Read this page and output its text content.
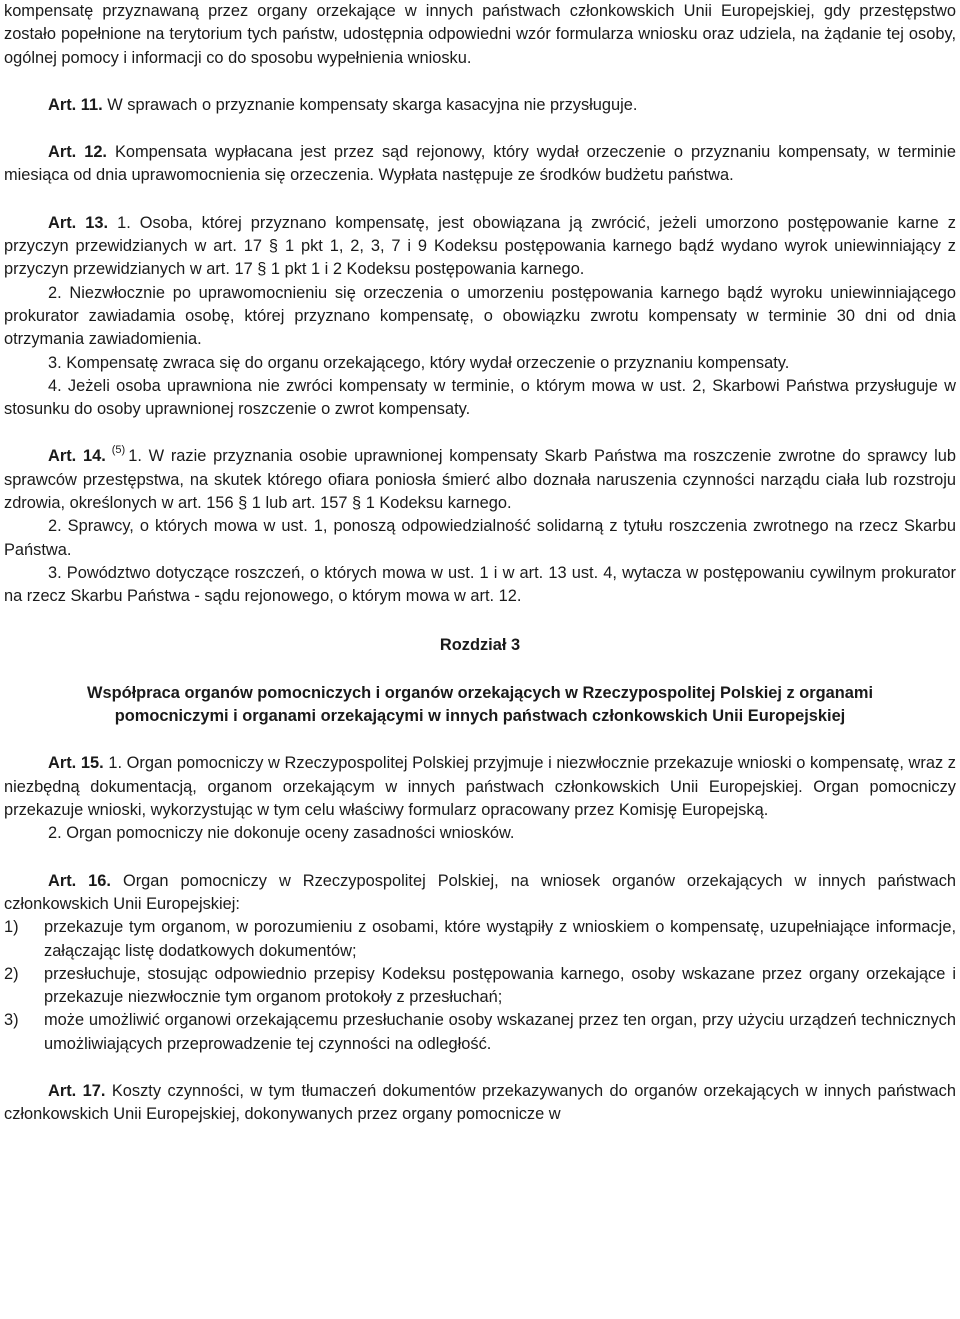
kompensatę przyznawaną przez organy orzekające w innych państwach członkowskich Unii Europejskiej, gdy przestępstwo zostało popełnione na terytorium tych państw, udostępnia odpowiedni wzór formularza wniosku oraz udziela, na żądanie tej osoby, ogólnej pomocy i informacji co do sposobu wypełnienia wniosku.

Art. 11. W sprawach o przyznanie kompensaty skarga kasacyjna nie przysługuje.

Art. 12. Kompensata wypłacana jest przez sąd rejonowy, który wydał orzeczenie o przyznaniu kompensaty, w terminie miesiąca od dnia uprawomocnienia się orzeczenia. Wypłata następuje ze środków budżetu państwa.

Art. 13. 1. Osoba, której przyznano kompensatę, jest obowiązana ją zwrócić, jeżeli umorzono postępowanie karne z przyczyn przewidzianych w art. 17 § 1 pkt 1, 2, 3, 7 i 9 Kodeksu postępowania karnego bądź wydano wyrok uniewinniający z przyczyn przewidzianych w art. 17 § 1 pkt 1 i 2 Kodeksu postępowania karnego.

2. Niezwłocznie po uprawomocnieniu się orzeczenia o umorzeniu postępowania karnego bądź wyroku uniewinniającego prokurator zawiadamia osobę, której przyznano kompensatę, o obowiązku zwrotu kompensaty w terminie 30 dni od dnia otrzymania zawiadomienia.

3. Kompensatę zwraca się do organu orzekającego, który wydał orzeczenie o przyznaniu kompensaty.

4. Jeżeli osoba uprawniona nie zwróci kompensaty w terminie, o którym mowa w ust. 2, Skarbowi Państwa przysługuje w stosunku do osoby uprawnionej roszczenie o zwrot kompensaty.

Art. 14. $^{(5)}$ 1. W razie przyznania osobie uprawnionej kompensaty Skarb Państwa ma roszczenie zwrotne do sprawcy lub sprawców przestępstwa, na skutek którego ofiara poniosła śmierć albo doznała naruszenia czynności narządu ciała lub rozstroju zdrowia, określonych w art. 156 § 1 lub art. 157 § 1 Kodeksu karnego.

2. Sprawcy, o których mowa w ust. 1, ponoszą odpowiedzialność solidarną z tytułu roszczenia zwrotnego na rzecz Skarbu Państwa.

3. Powództwo dotyczące roszczeń, o których mowa w ust. 1 i w art. 13 ust. 4, wytacza w postępowaniu cywilnym prokurator na rzecz Skarbu Państwa - sądu rejonowego, o którym mowa w art. 12.

Rozdział 3

Współpraca organów pomocniczych i organów orzekających w Rzeczypospolitej Polskiej z organami pomocniczymi i organami orzekającymi w innych państwach członkowskich Unii Europejskiej

Art. 15. 1. Organ pomocniczy w Rzeczypospolitej Polskiej przyjmuje i niezwłocznie przekazuje wnioski o kompensatę, wraz z niezbędną dokumentacją, organom orzekającym w innych państwach członkowskich Unii Europejskiej. Organ pomocniczy przekazuje wnioski, wykorzystując w tym celu właściwy formularz opracowany przez Komisję Europejską.

2. Organ pomocniczy nie dokonuje oceny zasadności wniosków.

Art. 16. Organ pomocniczy w Rzeczypospolitej Polskiej, na wniosek organów orzekających w innych państwach członkowskich Unii Europejskiej:

1)	przekazuje tym organom, w porozumieniu z osobami, które wystąpiły z wnioskiem o kompensatę, uzupełniające informacje, załączając listę dodatkowych dokumentów;
2)	przesłuchuje, stosując odpowiednio przepisy Kodeksu postępowania karnego, osoby wskazane przez organy orzekające i przekazuje niezwłocznie tym organom protokoły z przesłuchań;
3)	może umożliwić organowi orzekającemu przesłuchanie osoby wskazanej przez ten organ, przy użyciu urządzeń technicznych umożliwiających przeprowadzenie tej czynności na odległość.

Art. 17. Koszty czynności, w tym tłumaczeń dokumentów przekazywanych do organów orzekających w innych państwach członkowskich Unii Europejskiej, dokonywanych przez organy pomocnicze w
